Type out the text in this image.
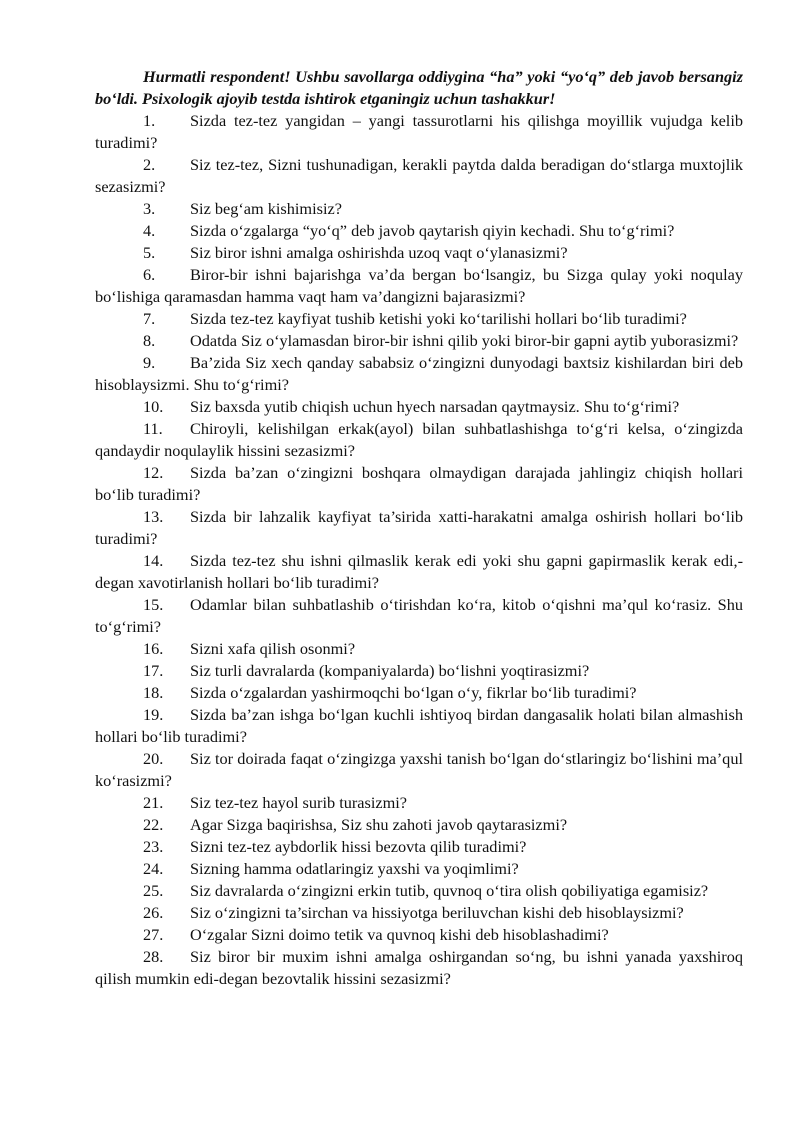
Hurmatli respondent! Ushbu savollarga oddiygina “ha” yoki “yo‘q” deb javob bersangiz bo‘ldi. Psixologik ajoyib testda ishtirok etganingiz uchun tashakkur!

1. Sizda tez-tez yangidan – yangi tassurotlarni his qilishga moyillik vujudga kelib turadimi?

2. Siz tez-tez, Sizni tushunadigan, kerakli paytda dalda beradigan do‘stlarga muxtojlik sezasizmi?

3. Siz beg‘am kishimisiz?

4. Sizda o‘zgalarga “yo‘q” deb javob qaytarish qiyin kechadi. Shu to‘g‘rimi?

5. Siz biror ishni amalga oshirishda uzoq vaqt o‘ylanasizmi?

6. Biror-bir ishni bajarishga va’da bergan bo‘lsangiz, bu Sizga qulay yoki noqulay bo‘lishiga qaramasdan hamma vaqt ham va’dangizni bajarasizmi?

7. Sizda tez-tez kayfiyat tushib ketishi yoki ko‘tarilishi hollari bo‘lib turadimi?

8. Odatda Siz o‘ylamasdan biror-bir ishni qilib yoki biror-bir gapni aytib yuborasizmi?

9. Ba’zida Siz xech qanday sababsiz o‘zingizni dunyodagi baxtsiz kishilardan biri deb hisoblaysizmi. Shu to‘g‘rimi?

10. Siz baxsda yutib chiqish uchun hyech narsadan qaytmaysiz. Shu to‘g‘rimi?

11. Chiroyli, kelishilgan erkak(ayol) bilan suhbatlashishga to‘g‘ri kelsa, o‘zingizda qandaydir noqulaylik hissini sezasizmi?

12. Sizda ba’zan o‘zingizni boshqara olmaydigan darajada jahlingiz chiqish hollari bo‘lib turadimi?

13. Sizda bir lahzalik kayfiyat ta’sirida xatti-harakatni amalga oshirish hollari bo‘lib turadimi?

14. Sizda tez-tez shu ishni qilmaslik kerak edi yoki shu gapni gapirmaslik kerak edi,-degan xavotirlanish hollari bo‘lib turadimi?

15. Odamlar bilan suhbatlashib o‘tirishdan ko‘ra, kitob o‘qishni ma’qul ko‘rasiz. Shu to‘g‘rimi?

16. Sizni xafa qilish osonmi?

17. Siz turli davralarda (kompaniyalarda) bo‘lishni yoqtirasizmi?

18. Sizda o‘zgalardan yashirmoqchi bo‘lgan o‘y, fikrlar bo‘lib turadimi?

19. Sizda ba’zan ishga bo‘lgan kuchli ishtiyoq birdan dangasalik holati bilan almashish hollari bo‘lib turadimi?

20. Siz tor doirada faqat o‘zingizga yaxshi tanish bo‘lgan do‘stlaringiz bo‘lishini ma’qul ko‘rasizmi?

21. Siz tez-tez hayol surib turasizmi?

22. Agar Sizga baqirishsa, Siz shu zahoti javob qaytarasizmi?

23. Sizni tez-tez aybdorlik hissi bezovta qilib turadimi?

24. Sizning hamma odatlaringiz yaxshi va yoqimlimi?

25. Siz davralarda o‘zingizni erkin tutib, quvnoq o‘tira olish qobiliyatiga egamisiz?

26. Siz o‘zingizni ta’sirchan va hissiyotga beriluvchan kishi deb hisoblaysizmi?

27. O‘zgalar Sizni doimo tetik va quvnoq kishi deb hisoblashadimi?

28. Siz biror bir muxim ishni amalga oshirgandan so‘ng, bu ishni yanada yaxshiroq qilish mumkin edi-degan bezovtalik hissini sezasizmi?
